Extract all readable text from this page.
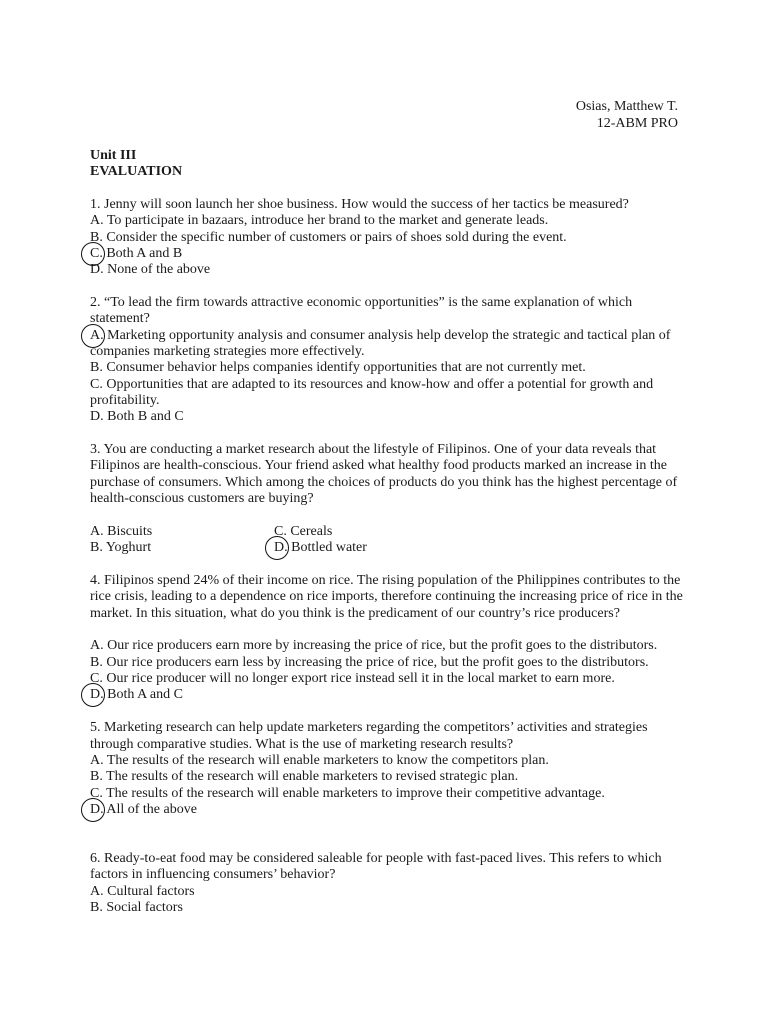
Osias, Matthew T.
12-ABM PRO
Unit III
EVALUATION
1. Jenny will soon launch her shoe business. How would the success of her tactics be measured?
A. To participate in bazaars, introduce her brand to the market and generate leads.
B. Consider the specific number of customers or pairs of shoes sold during the event.
C.
Both A and B
D. None of the above
2. “To lead the firm towards attractive economic opportunities” is the same explanation of which
statement?
A.
Marketing opportunity analysis and consumer analysis help develop the strategic and tactical plan of
companies marketing strategies more effectively.
B. Consumer behavior helps companies identify opportunities that are not currently met.
C. Opportunities that are adapted to its resources and know-how and offer a potential for growth and
profitability.
D. Both B and C
3. You are conducting a market research about the lifestyle of Filipinos. One of your data reveals that
Filipinos are health-conscious. Your friend asked what healthy food products marked an increase in the
purchase of consumers. Which among the choices of products do you think has the highest percentage of
health-conscious customers are buying?
A. Biscuits	C. Cereals
B. Yoghurt	D.
Bottled water
4. Filipinos spend 24% of their income on rice. The rising population of the Philippines contributes to the
rice crisis, leading to a dependence on rice imports, therefore continuing the increasing price of rice in the
market. In this situation, what do you think is the predicament of our country’s rice producers?
A. Our rice producers earn more by increasing the price of rice, but the profit goes to the distributors.
B. Our rice producers earn less by increasing the price of rice, but the profit goes to the distributors.
C. Our rice producer will no longer export rice instead sell it in the local market to earn more.
D.
Both A and C
5. Marketing research can help update marketers regarding the competitors’ activities and strategies
through comparative studies. What is the use of marketing research results?
A. The results of the research will enable marketers to know the competitors plan.
B. The results of the research will enable marketers to revised strategic plan.
C. The results of the research will enable marketers to improve their competitive advantage.
D.
All of the above
6. Ready-to-eat food may be considered saleable for people with fast-paced lives. This refers to which
factors in influencing consumers’ behavior?
A. Cultural factors
B. Social factors
